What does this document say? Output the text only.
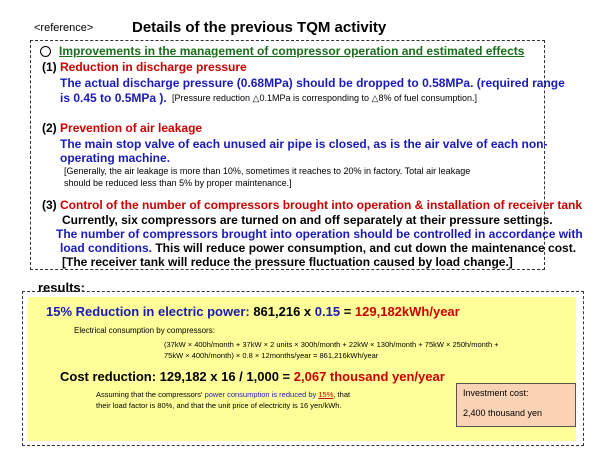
<reference>	Details of the previous TQM activity
Improvements in the management of compressor operation and estimated effects
(1) Reduction in discharge pressure
The actual discharge pressure (0.68MPa) should be dropped to 0.58MPa. (required range
is 0.45 to 0.5MPa ). [Pressure reduction △0.1MPa is corresponding to △8% of fuel consumption.]
(2) Prevention of air leakage
The main stop valve of each unused air pipe is closed, as is the air valve of each non-
operating machine.
[Generally, the air leakage is more than 10%, sometimes it reaches to 20% in factory. Total air leakage
should be reduced less than 5% by proper maintenance.]
(3) Control of the number of compressors brought into operation & installation of receiver tank
Currently, six compressors are turned on and off separately at their pressure settings.
The number of compressors brought into operation should be controlled in accordance with
load conditions. This will reduce power consumption, and cut down the maintenance cost.
[The receiver tank will reduce the pressure fluctuation caused by load change.]
results:
15% Reduction in electric power: 861,216 x 0.15 = 129,182kWh/year
Electrical consumption by compressors:
(37kW × 400h/month + 37kW × 2 units × 300h/month + 22kW × 130h/month + 75kW × 250h/month +
75kW × 400h/month) × 0.8 × 12months/year = 861,216kWh/year
Cost reduction: 129,182 x 16 / 1,000 = 2,067 thousand yen/year
Assuming that the compressors' power consumption is reduced by 15%, that
their load factor is 80%, and that the unit price of electricity is 16 yen/kWh.
Investment cost:
2,400 thousand yen
